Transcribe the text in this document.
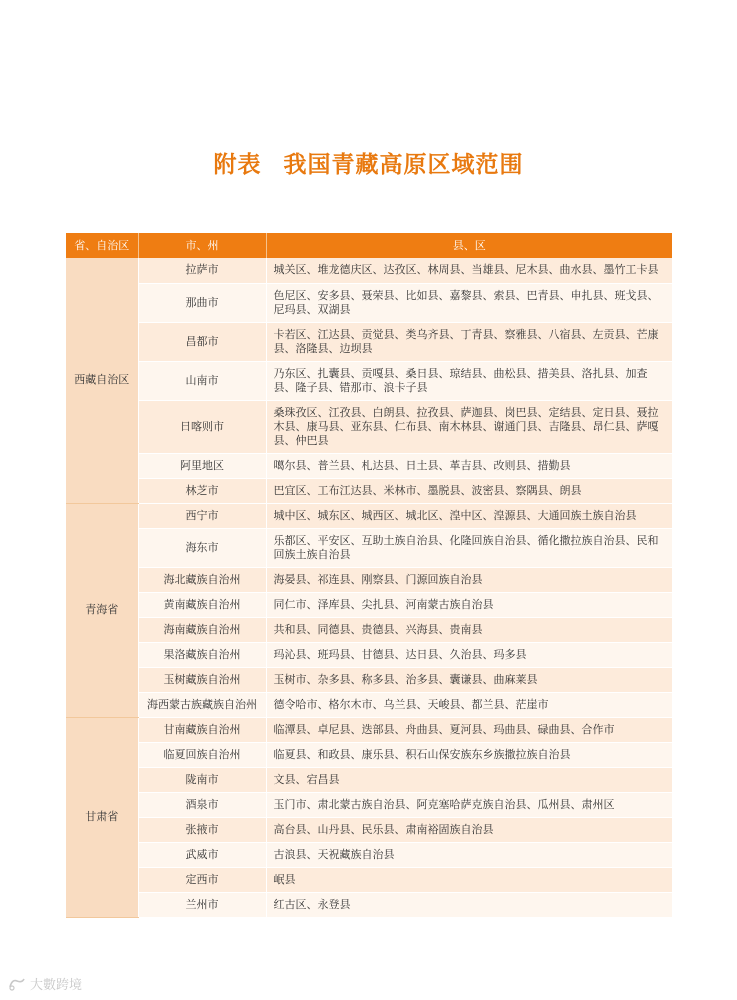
附表 我国青藏高原区域范围
省、自治区	市、州	县、区
西藏自治区	拉萨市	城关区、堆龙德庆区、达孜区、林周县、当雄县、尼木县、曲水县、墨竹工卡县
	那曲市	色尼区、安多县、聂荣县、比如县、嘉黎县、索县、巴青县、申扎县、班戈县、尼玛县、双湖县
	昌都市	卡若区、江达县、贡觉县、类乌齐县、丁青县、察雅县、八宿县、左贡县、芒康县、洛隆县、边坝县
	山南市	乃东区、扎囊县、贡嘎县、桑日县、琼结县、曲松县、措美县、洛扎县、加查县、隆子县、错那市、浪卡子县
	日喀则市	桑珠孜区、江孜县、白朗县、拉孜县、萨迦县、岗巴县、定结县、定日县、聂拉木县、康马县、亚东县、仁布县、南木林县、谢通门县、吉隆县、昂仁县、萨嘎县、仲巴县
	阿里地区	噶尔县、普兰县、札达县、日土县、革吉县、改则县、措勤县
	林芝市	巴宜区、工布江达县、米林市、墨脱县、波密县、察隅县、朗县
青海省	西宁市	城中区、城东区、城西区、城北区、湟中区、湟源县、大通回族土族自治县
	海东市	乐都区、平安区、互助土族自治县、化隆回族自治县、循化撒拉族自治县、民和回族土族自治县
	海北藏族自治州	海晏县、祁连县、刚察县、门源回族自治县
	黄南藏族自治州	同仁市、泽库县、尖扎县、河南蒙古族自治县
	海南藏族自治州	共和县、同德县、贵德县、兴海县、贵南县
	果洛藏族自治州	玛沁县、班玛县、甘德县、达日县、久治县、玛多县
	玉树藏族自治州	玉树市、杂多县、称多县、治多县、囊谦县、曲麻莱县
	海西蒙古族藏族自治州	德令哈市、格尔木市、乌兰县、天峻县、都兰县、茫崖市
甘肃省	甘南藏族自治州	临潭县、卓尼县、迭部县、舟曲县、夏河县、玛曲县、碌曲县、合作市
	临夏回族自治州	临夏县、和政县、康乐县、积石山保安族东乡族撒拉族自治县
	陇南市	文县、宕昌县
	酒泉市	玉门市、肃北蒙古族自治县、阿克塞哈萨克族自治县、瓜州县、肃州区
	张掖市	高台县、山丹县、民乐县、肃南裕固族自治县
	武威市	古浪县、天祝藏族自治县
	定西市	岷县
	兰州市	红古区、永登县
大數跨境
